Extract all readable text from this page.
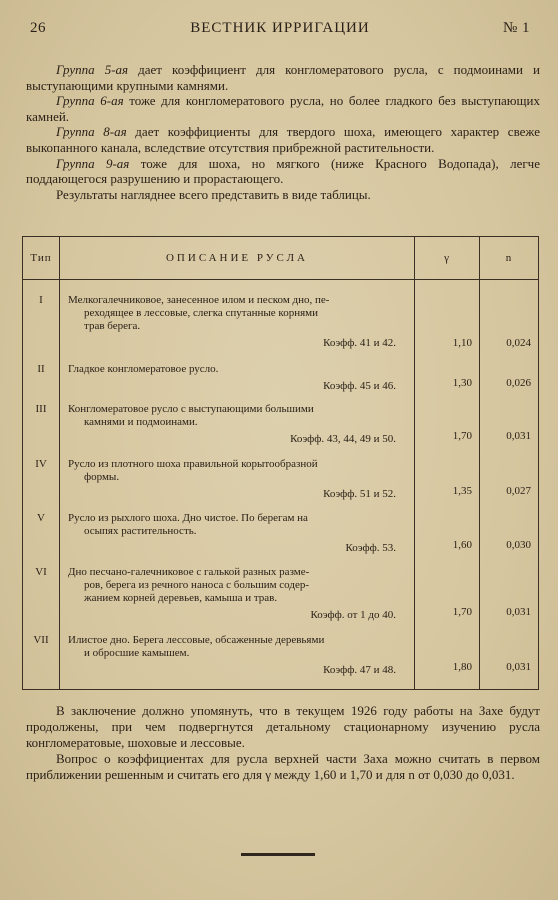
26	ВЕСТНИК ИРРИГАЦИИ	№ 1

Группа 5-ая дает коэффициент для конгломератового русла, с подмоинами и выступающими крупными камнями.

Группа 6-ая тоже для конгломератового русла, но более гладкого без выступающих камней.

Группа 8-ая дает коэффициенты для твердого шоха, имеющего характер свеже выкопанного канала, вследствие отсутствия прибрежной растительности.

Группа 9-ая тоже для шоха, но мягкого (ниже Красного Водопада), легче поддающегося разрушению и прорастающего.

Результаты нагляднее всего представить в виде таблицы.

Тип	ОПИСАНИЕ РУСЛА	γ	n
I	Мелкогалечниковое, занесенное илом и песком дно, пе-
реходящее в лессовые, слегка спутанные корнями
трав берега.
Коэфф. 41 и 42.	1,10	0,024

II	Гладкое конгломератовое русло.
Коэфф. 45 и 46.	1,30	0,026

III	Конгломератовое русло с выступающими большими
камнями и подмоинами.
Коэфф. 43, 44, 49 и 50.	1,70	0,031

IV	Русло из плотного шоха правильной корытообразной
формы.
Коэфф. 51 и 52.	1,35	0,027

V	Русло из рыхлого шоха. Дно чистое. По берегам на
осыпях растительность.
Коэфф. 53.	1,60	0,030

VI	Дно песчано-галечниковое с галькой разных разме-
ров, берега из речного наноса с большим содер-
жанием корней деревьев, камыша и трав.
Коэфф. от 1 до 40.	1,70	0,031

VII	Илистое дно. Берега лессовые, обсаженные деревьями
и обросшие камышем.
Коэфф. 47 и 48.	1,80	0,031

В заключение должно упомянуть, что в текущем 1926 году работы на Захе будут продолжены, при чем подвергнутся детальному стационарному изучению русла конгломератовые, шоховые и лессовые.

Вопрос о коэффициентах для русла верхней части Заха можно считать в первом приближении решенным и считать его для γ между 1,60 и 1,70 и для n от 0,030 до 0,031.
